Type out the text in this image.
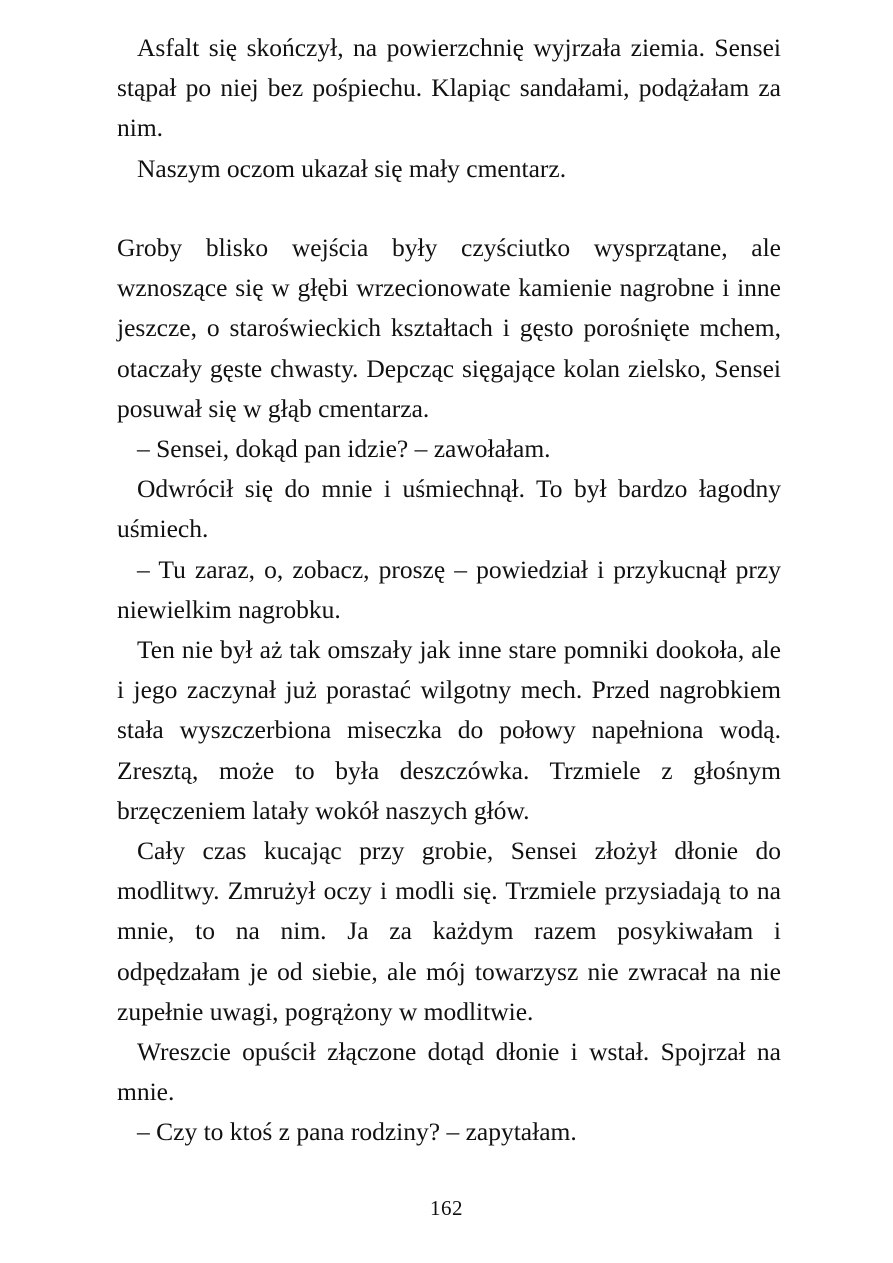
Asfalt się skończył, na powierzchnię wyjrzała ziemia. Sensei stąpał po niej bez pośpiechu. Klapiąc sandałami, podążałam za nim.

Naszym oczom ukazał się mały cmentarz.

Groby blisko wejścia były czyściutko wysprzątane, ale wznoszące się w głębi wrzecionowate kamienie nagrobne i inne jeszcze, o staroświeckich kształtach i gęsto porośnięte mchem, otaczały gęste chwasty. Depcząc sięgające kolan zielsko, Sensei posuwał się w głąb cmentarza.

– Sensei, dokąd pan idzie? – zawołałam.

Odwrócił się do mnie i uśmiechnął. To był bardzo łagodny uśmiech.

– Tu zaraz, o, zobacz, proszę – powiedział i przykucnął przy niewielkim nagrobku.

Ten nie był aż tak omszały jak inne stare pomniki dookoła, ale i jego zaczynał już porastać wilgotny mech. Przed nagrobkiem stała wyszczerbiona miseczka do połowy napełniona wodą. Zresztą, może to była deszczówka. Trzmiele z głośnym brzęczeniem latały wokół naszych głów.

Cały czas kucając przy grobie, Sensei złożył dłonie do modlitwy. Zmrużył oczy i modli się. Trzmiele przysiadają to na mnie, to na nim. Ja za każdym razem posykiwałam i odpędzałam je od siebie, ale mój towarzysz nie zwracał na nie zupełnie uwagi, pogrążony w modlitwie.

Wreszcie opuścił złączone dotąd dłonie i wstał. Spojrzał na mnie.

– Czy to ktoś z pana rodziny? – zapytałam.

162
